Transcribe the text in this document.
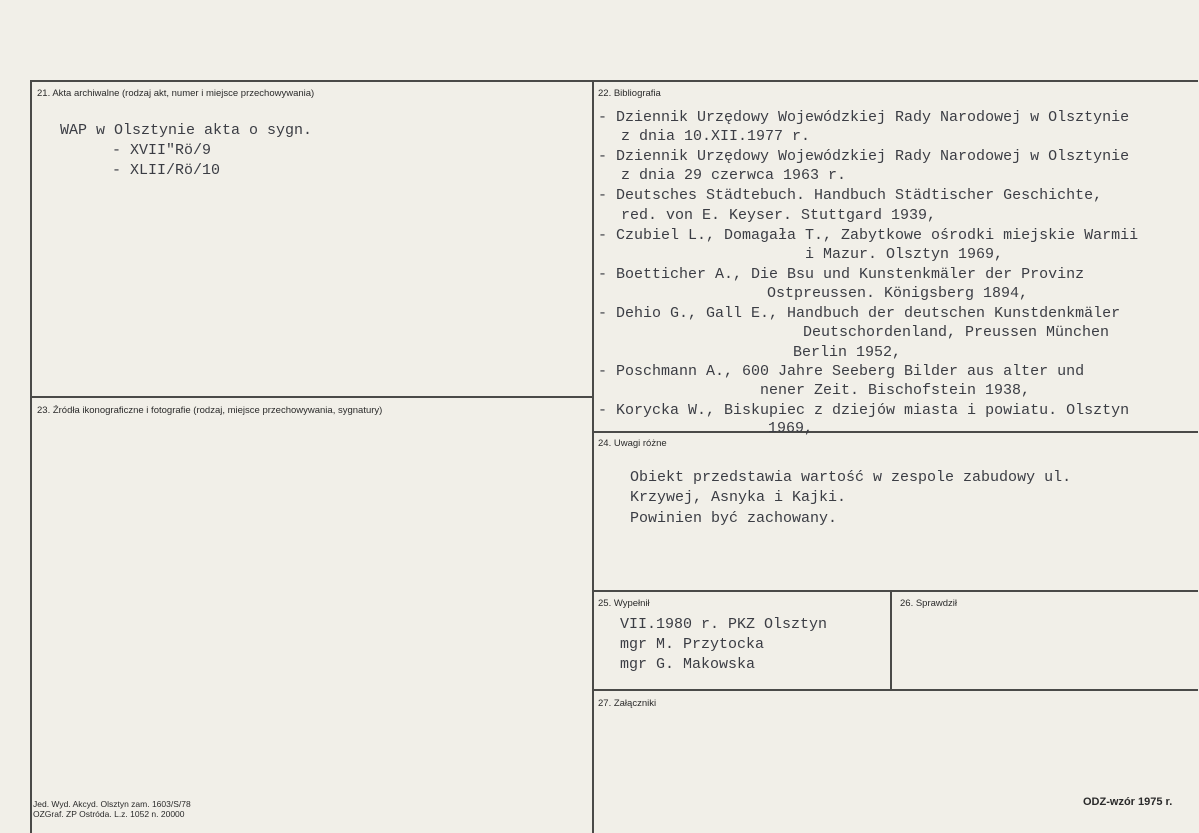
21. Akta archiwalne (rodzaj akt, numer i miejsce przechowywania)	22. Bibliografia
23. Źródła ikonograficzne i fotografie (rodzaj, miejsce przechowywania, sygnatury)
24. Uwagi różne
25. Wypełnił	26. Sprawdził
27. Załączniki
WAP w Olsztynie akta o sygn.
- XVII"Rö/9
- XLII/Rö/10
- Dziennik Urzędowy Wojewódzkiej Rady Narodowej w Olsztynie
z dnia 10.XII.1977 r.
- Dziennik Urzędowy Wojewódzkiej Rady Narodowej w Olsztynie
z dnia 29 czerwca 1963 r.
- Deutsches Städtebuch. Handbuch Städtischer Geschichte,
red. von E. Keyser. Stuttgard 1939,
- Czubiel L., Domagała T., Zabytkowe ośrodki miejskie Warmii
i Mazur. Olsztyn 1969,
- Boetticher A., Die Bsu und Kunstenkmäler der Provinz
Ostpreussen. Königsberg 1894,
- Dehio G., Gall E., Handbuch der deutschen Kunstdenkmäler
Deutschordenland, Preussen München
Berlin 1952,
- Poschmann A., 600 Jahre Seeberg Bilder aus alter und
nener Zeit. Bischofstein 1938,
- Korycka W., Biskupiec z dziejów miasta i powiatu. Olsztyn
1969,
Obiekt przedstawia wartość w zespole zabudowy ul.
Krzywej, Asnyka i Kajki.
Powinien być zachowany.
VII.1980 r. PKZ Olsztyn
mgr M. Przytocka
mgr G. Makowska
Jed. Wyd. Akcyd. Olsztyn zam. 1603/S/78
OZGraf. ZP Ostróda. L.z. 1052 n. 20000
ODZ-wzór 1975 r.
